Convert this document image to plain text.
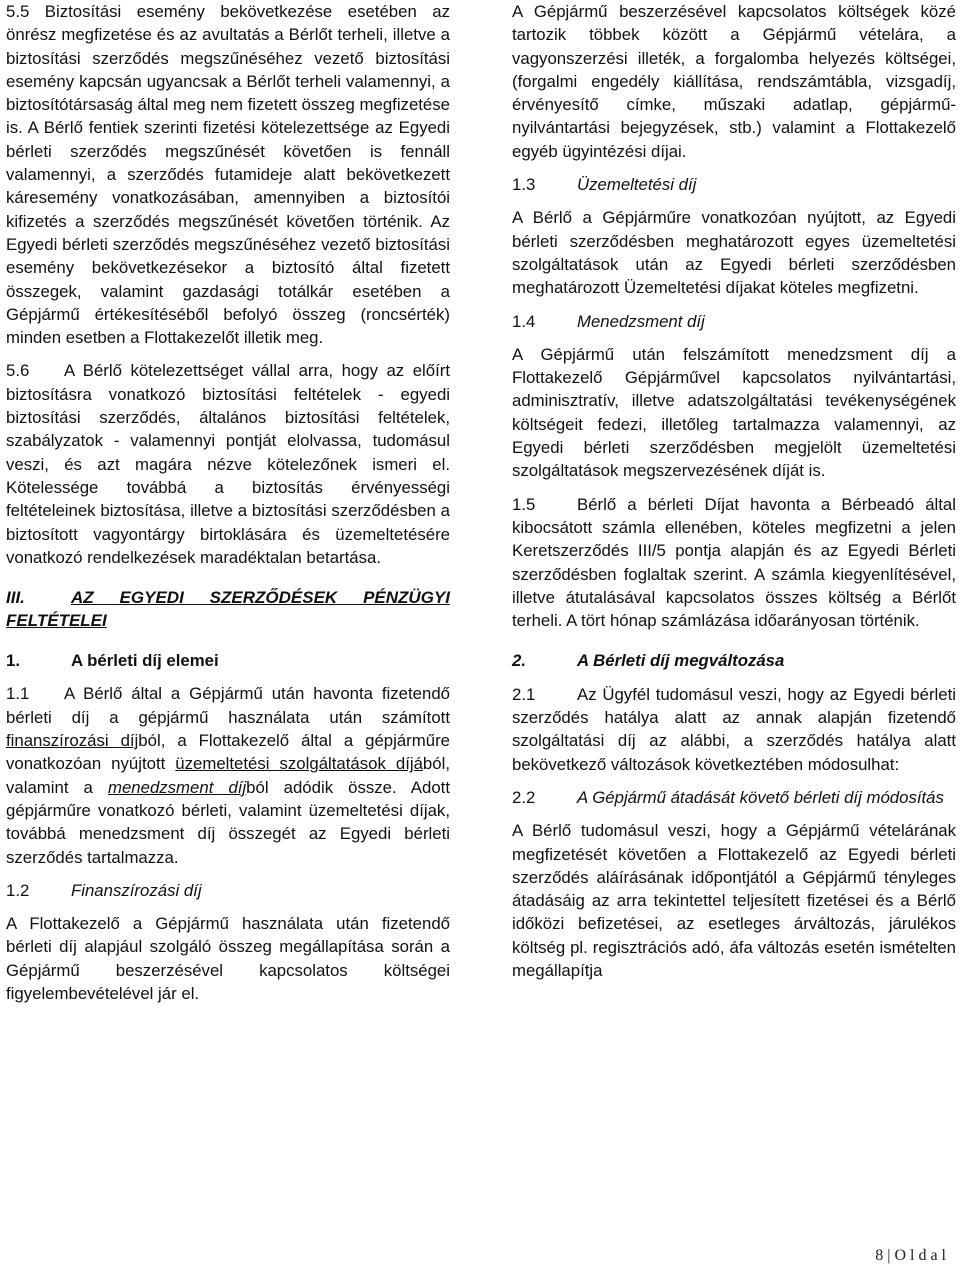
5.5 Biztosítási esemény bekövetkezése esetében az önrész megfizetése és az avultatás a Bérlőt terheli, illetve a biztosítási szerződés megszűnéséhez vezető biztosítási esemény kapcsán ugyancsak a Bérlőt terheli valamennyi, a biztosítótársaság által meg nem fizetett összeg megfizetése is. A Bérlő fentiek szerinti fizetési kötelezettsége az Egyedi bérleti szerződés megszűnését követően is fennáll valamennyi, a szerződés futamideje alatt bekövetkezett káresemény vonatkozásában, amennyiben a biztosítói kifizetés a szerződés megszűnését követően történik. Az Egyedi bérleti szerződés megszűnéséhez vezető biztosítási esemény bekövetkezésekor a biztosító által fizetett összegek, valamint gazdasági totálkár esetében a Gépjármű értékesítéséből befolyó összeg (roncsérték) minden esetben a Flottakezelőt illetik meg.

5.6 A Bérlő kötelezettséget vállal arra, hogy az előírt biztosításra vonatkozó biztosítási feltételek - egyedi biztosítási szerződés, általános biztosítási feltételek, szabályzatok - valamennyi pontját elolvassa, tudomásul veszi, és azt magára nézve kötelezőnek ismeri el. Kötelessége továbbá a biztosítás érvényességi feltételeinek biztosítása, illetve a biztosítási szerződésben a biztosított vagyontárgy birtoklására és üzemeltetésére vonatkozó rendelkezések maradéktalan betartása.

III.	AZ EGYEDI SZERZŐDÉSEK PÉNZÜGYI FELTÉTELEI

1.	A bérleti díj elemei

1.1 A Bérlő által a Gépjármű után havonta fizetendő bérleti díj a gépjármű használata után számított finanszírozási díjból, a Flottakezelő által a gépjárműre vonatkozóan nyújtott üzemeltetési szolgáltatások díjából, valamint a menedzsment díjból adódik össze. Adott gépjárműre vonatkozó bérleti, valamint üzemeltetési díjak, továbbá menedzsment díj összegét az Egyedi bérleti szerződés tartalmazza.

1.2 Finanszírozási díj

A Flottakezelő a Gépjármű használata után fizetendő bérleti díj alapjául szolgáló összeg megállapítása során a Gépjármű beszerzésével kapcsolatos költségei figyelembevételével jár el.

A Gépjármű beszerzésével kapcsolatos költségek közé tartozik többek között a Gépjármű vételára, a vagyonszerzési illeték, a forgalomba helyezés költségei, (forgalmi engedély kiállítása, rendszámtábla, vizsgadíj, érvényesítő címke, műszaki adatlap, gépjármű-nyilvántartási bejegyzések, stb.) valamint a Flottakezelő egyéb ügyintézési díjai.

1.3 Üzemeltetési díj

A Bérlő a Gépjárműre vonatkozóan nyújtott, az Egyedi bérleti szerződésben meghatározott egyes üzemeltetési szolgáltatások után az Egyedi bérleti szerződésben meghatározott Üzemeltetési díjakat köteles megfizetni.

1.4 Menedzsment díj

A Gépjármű után felszámított menedzsment díj a Flottakezelő Gépjárművel kapcsolatos nyilvántartási, adminisztratív, illetve adatszolgáltatási tevékenységének költségeit fedezi, illetőleg tartalmazza valamennyi, az Egyedi bérleti szerződésben megjelölt üzemeltetési szolgáltatások megszervezésének díját is.

1.5 Bérlő a bérleti Díjat havonta a Bérbeadó által kibocsátott számla ellenében, köteles megfizetni a jelen Keretszerződés III/5 pontja alapján és az Egyedi Bérleti szerződésben foglaltak szerint. A számla kiegyenlítésével, illetve átutalásával kapcsolatos összes költség a Bérlőt terheli. A tört hónap számlázása időarányosan történik.

2.	A Bérleti díj megváltozása

2.1 Az Ügyfél tudomásul veszi, hogy az Egyedi bérleti szerződés hatálya alatt az annak alapján fizetendő szolgáltatási díj az alábbi, a szerződés hatálya alatt bekövetkező változások következtében módosulhat:

2.2 A Gépjármű átadását követő bérleti díj módosítás

A Bérlő tudomásul veszi, hogy a Gépjármű vételárának megfizetését követően a Flottakezelő az Egyedi bérleti szerződés aláírásának időpontjától a Gépjármű tényleges átadásáig az arra tekintettel teljesített fizetései és a Bérlő időközi befizetései, az esetleges árváltozás, járulékos költség pl. regisztrációs adó, áfa változás esetén ismételten megállapítja

8 | O l d a l
